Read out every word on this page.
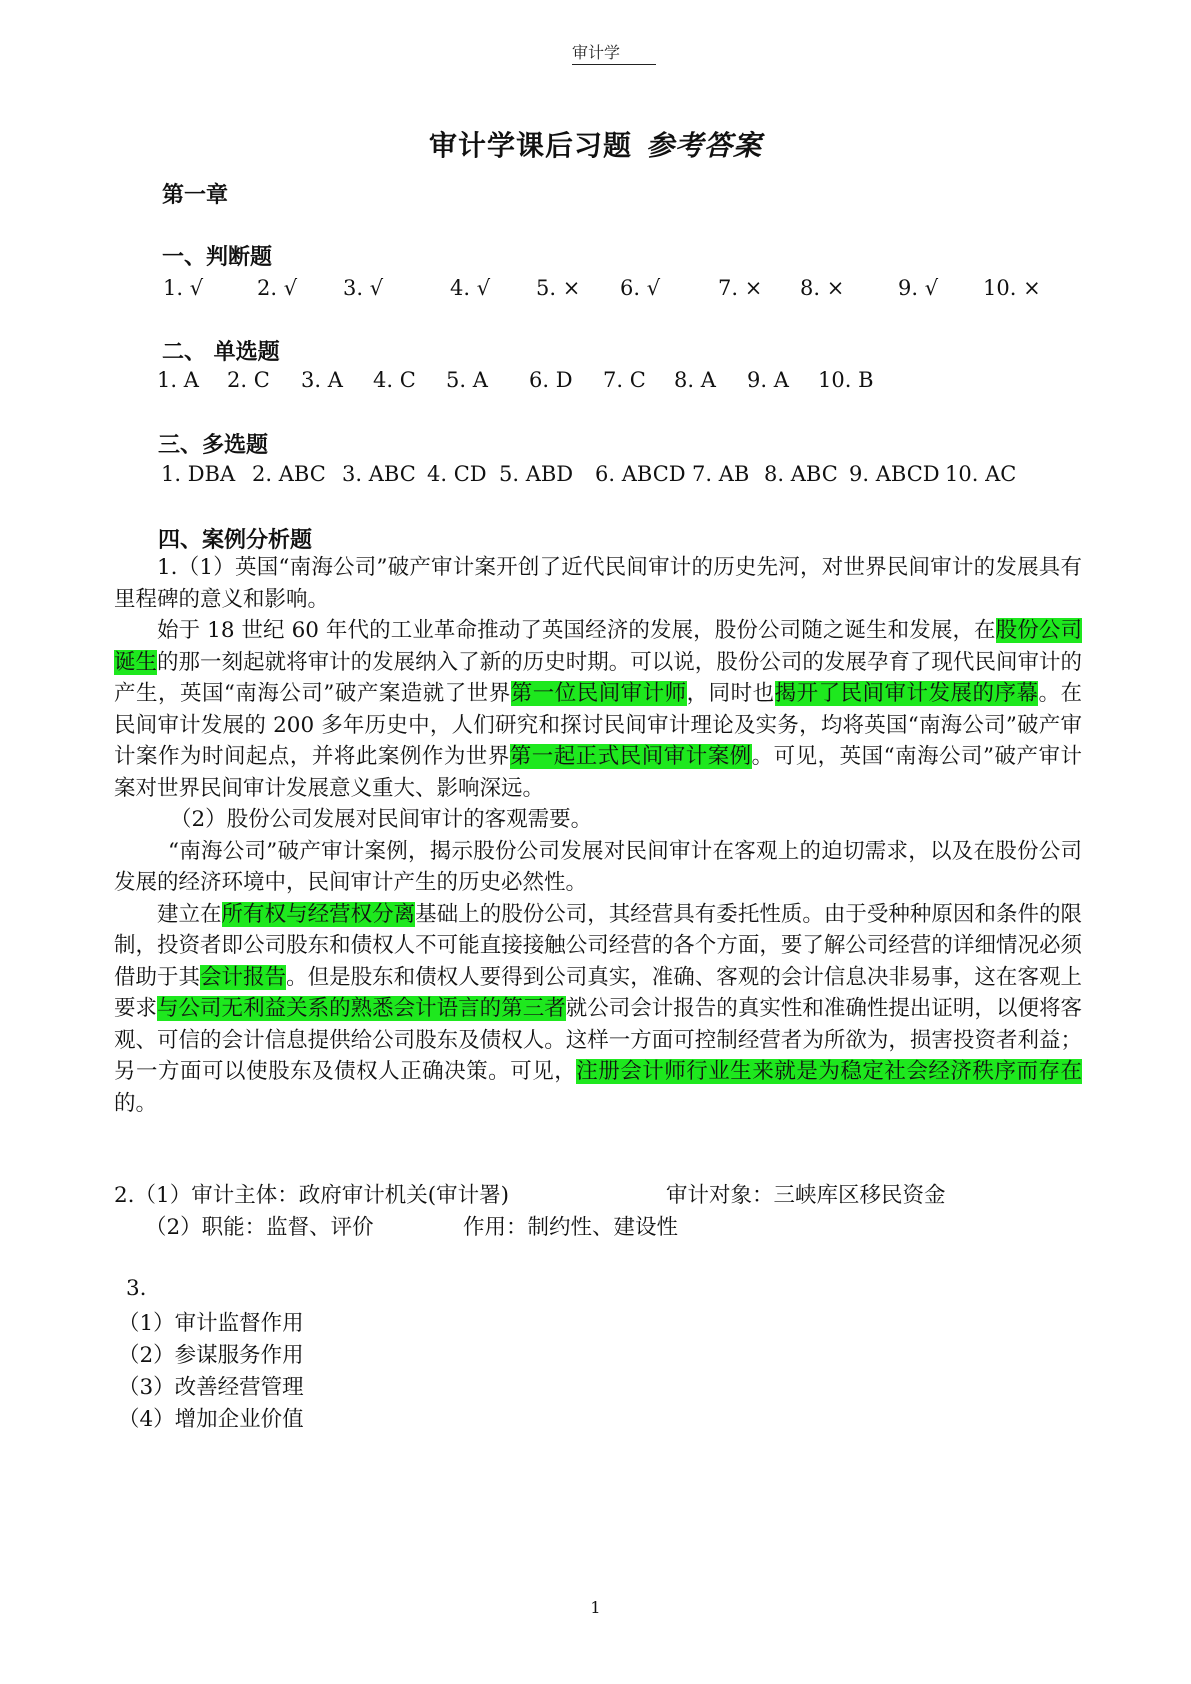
审计学
审计学课后习题 参考答案
第一章
一、判断题
1. √	2. √ 3. √	4. √ 5. × 6. √	7. × 8. ×	9. √ 10. ×
二、 单选题
1. A 2. C 3. A 4. C 5. A 6. D 7. C 8. A 9. A 10. B
三、多选题
1. DBA 2. ABC 3. ABC 4. CD 5. ABD 6. ABCD 7. AB 8. ABC 9. ABCD 10. AC
四、案例分析题

1.（1）英国“南海公司”破产审计案开创了近代民间审计的历史先河，对世界民间审计的发展具有里程碑的意义和影响。

始于 18 世纪 60 年代的工业革命推动了英国经济的发展，股份公司随之诞生和发展，在股份公司诞生的那一刻起就将审计的发展纳入了新的历史时期。可以说，股份公司的发展孕育了现代民间审计的产生，英国“南海公司”破产案造就了世界第一位民间审计师，同时也揭开了民间审计发展的序幕。在民间审计发展的 200 多年历史中，人们研究和探讨民间审计理论及实务，均将英国“南海公司”破产审计案作为时间起点，并将此案例作为世界第一起正式民间审计案例。可见，英国“南海公司”破产审计案对世界民间审计发展意义重大、影响深远。

（2）股份公司发展对民间审计的客观需要。

“南海公司”破产审计案例，揭示股份公司发展对民间审计在客观上的迫切需求，以及在股份公司发展的经济环境中，民间审计产生的历史必然性。

建立在所有权与经营权分离基础上的股份公司，其经营具有委托性质。由于受种种原因和条件的限制，投资者即公司股东和债权人不可能直接接触公司经营的各个方面，要了解公司经营的详细情况必须借助于其会计报告。但是股东和债权人要得到公司真实，准确、客观的会计信息决非易事，这在客观上要求与公司无利益关系的熟悉会计语言的第三者就公司会计报告的真实性和准确性提出证明，以便将客观、可信的会计信息提供给公司股东及债权人。这样一方面可控制经营者为所欲为，损害投资者利益；另一方面可以使股东及债权人正确决策。可见，注册会计师行业生来就是为稳定社会经济秩序而存在的。

2.（1）审计主体：政府审计机关(审计署)	审计对象：三峡库区移民资金
（2）职能：监督、评价	作用：制约性、建设性
3.
（1）审计监督作用
（2）参谋服务作用
（3）改善经营管理
（4）增加企业价值
1
